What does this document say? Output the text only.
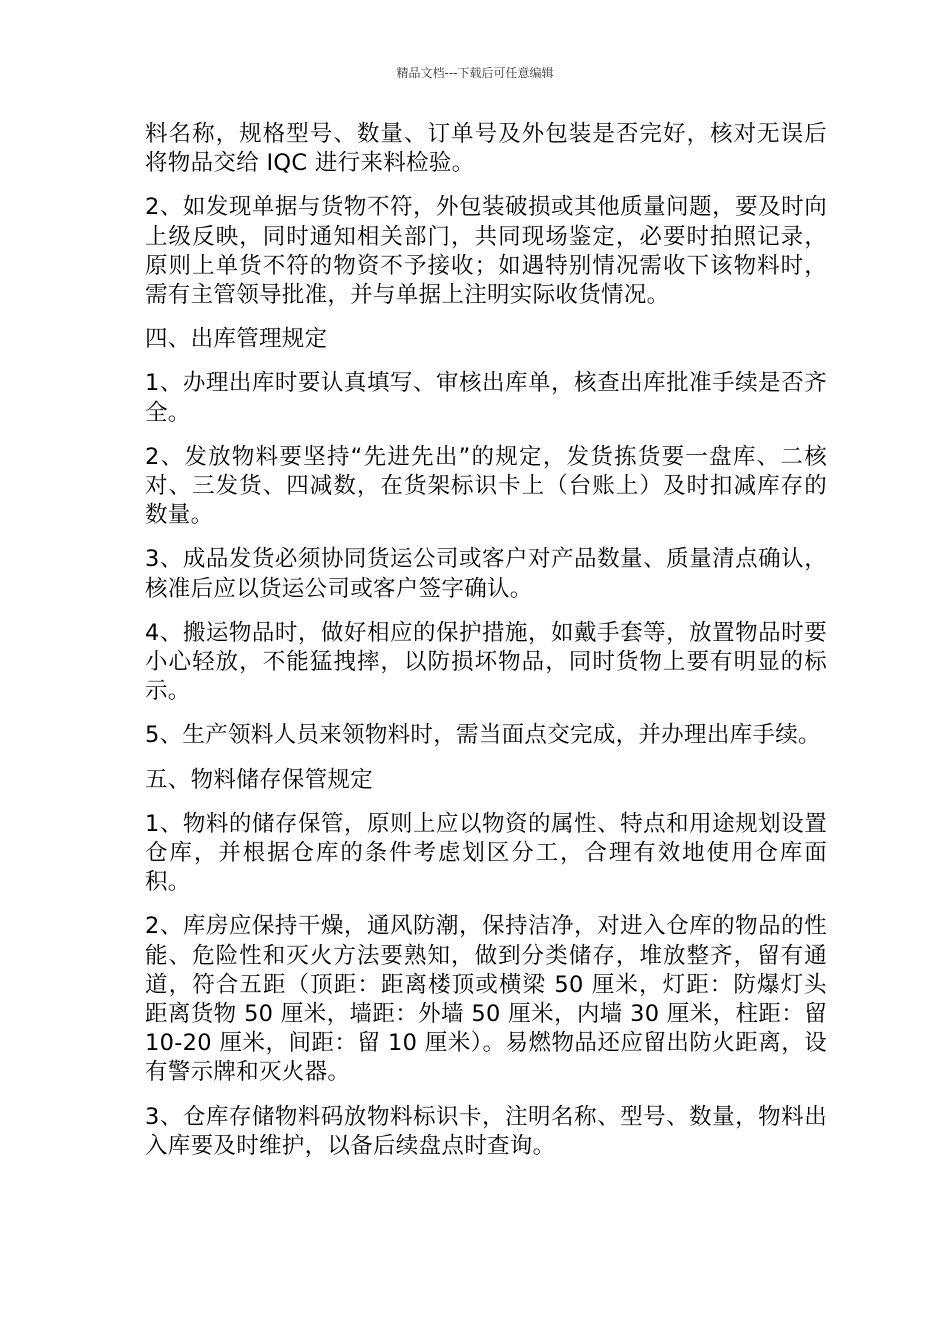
精品文档---下载后可任意编辑

料名称，规格型号、数量、订单号及外包装是否完好，核对无误后将物品交给 IQC 进行来料检验。

2、如发现单据与货物不符，外包装破损或其他质量问题，要及时向上级反映，同时通知相关部门，共同现场鉴定，必要时拍照记录，原则上单货不符的物资不予接收；如遇特别情况需收下该物料时，需有主管领导批准，并与单据上注明实际收货情况。

四、出库管理规定

1、办理出库时要认真填写、审核出库单，核查出库批准手续是否齐全。

2、发放物料要坚持“先进先出”的规定，发货拣货要一盘库、二核对、三发货、四减数，在货架标识卡上（台账上）及时扣减库存的数量。

3、成品发货必须协同货运公司或客户对产品数量、质量清点确认，核准后应以货运公司或客户签字确认。

4、搬运物品时，做好相应的保护措施，如戴手套等，放置物品时要小心轻放，不能猛拽摔，以防损坏物品，同时货物上要有明显的标示。

5、生产领料人员来领物料时，需当面点交完成，并办理出库手续。

五、物料储存保管规定

1、物料的储存保管，原则上应以物资的属性、特点和用途规划设置仓库，并根据仓库的条件考虑划区分工，合理有效地使用仓库面积。

2、库房应保持干燥，通风防潮，保持洁净，对进入仓库的物品的性能、危险性和灭火方法要熟知，做到分类储存，堆放整齐，留有通道，符合五距（顶距：距离楼顶或横梁 50 厘米，灯距：防爆灯头距离货物 50 厘米，墙距：外墙 50 厘米，内墙 30 厘米，柱距：留 10-20 厘米，间距：留 10 厘米）。易燃物品还应留出防火距离，设有警示牌和灭火器。

3、仓库存储物料码放物料标识卡，注明名称、型号、数量，物料出入库要及时维护，以备后续盘点时查询。
